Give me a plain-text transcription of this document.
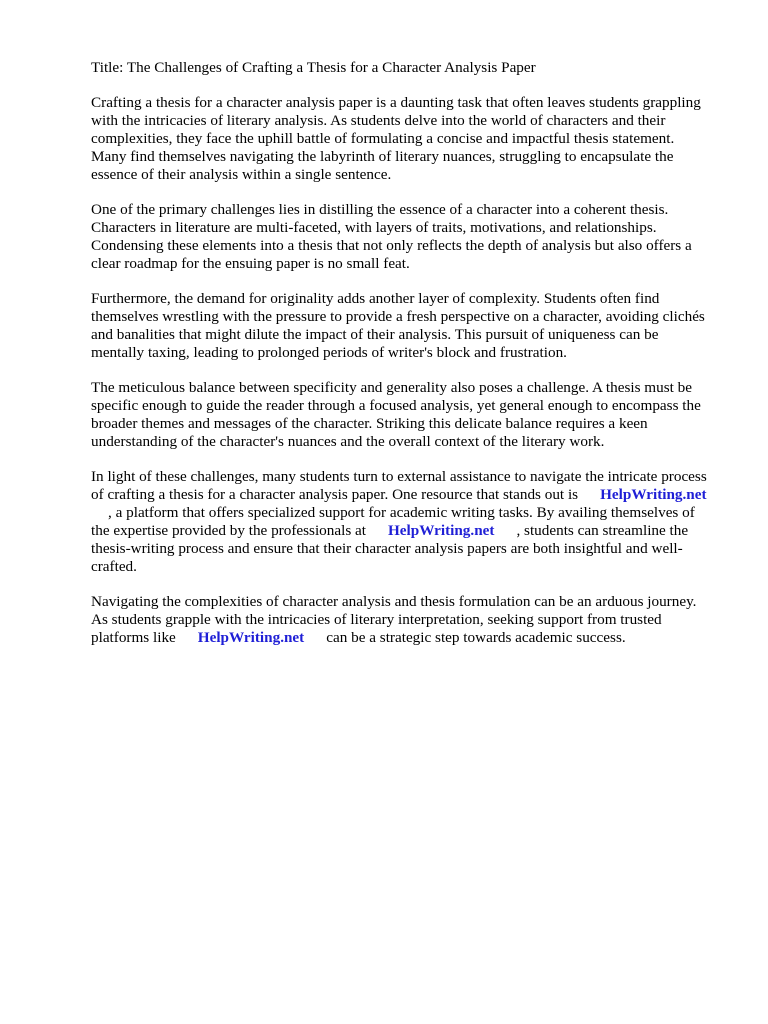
Title: The Challenges of Crafting a Thesis for a Character Analysis Paper

Crafting a thesis for a character analysis paper is a daunting task that often leaves students grappling
with the intricacies of literary analysis. As students delve into the world of characters and their
complexities, they face the uphill battle of formulating a concise and impactful thesis statement.
Many find themselves navigating the labyrinth of literary nuances, struggling to encapsulate the
essence of their analysis within a single sentence.

One of the primary challenges lies in distilling the essence of a character into a coherent thesis.
Characters in literature are multi-faceted, with layers of traits, motivations, and relationships.
Condensing these elements into a thesis that not only reflects the depth of analysis but also offers a
clear roadmap for the ensuing paper is no small feat.

Furthermore, the demand for originality adds another layer of complexity. Students often find
themselves wrestling with the pressure to provide a fresh perspective on a character, avoiding clichés
and banalities that might dilute the impact of their analysis. This pursuit of uniqueness can be
mentally taxing, leading to prolonged periods of writer's block and frustration.

The meticulous balance between specificity and generality also poses a challenge. A thesis must be
specific enough to guide the reader through a focused analysis, yet general enough to encompass the
broader themes and messages of the character. Striking this delicate balance requires a keen
understanding of the character's nuances and the overall context of the literary work.

In light of these challenges, many students turn to external assistance to navigate the intricate process
of crafting a thesis for a character analysis paper. One resource that stands out is HelpWriting.net
, a platform that offers specialized support for academic writing tasks. By availing themselves of
the expertise provided by the professionals at HelpWriting.net , students can streamline the
thesis-writing process and ensure that their character analysis papers are both insightful and well-
crafted.

Navigating the complexities of character analysis and thesis formulation can be an arduous journey.
As students grapple with the intricacies of literary interpretation, seeking support from trusted
platforms like HelpWriting.net can be a strategic step towards academic success.
